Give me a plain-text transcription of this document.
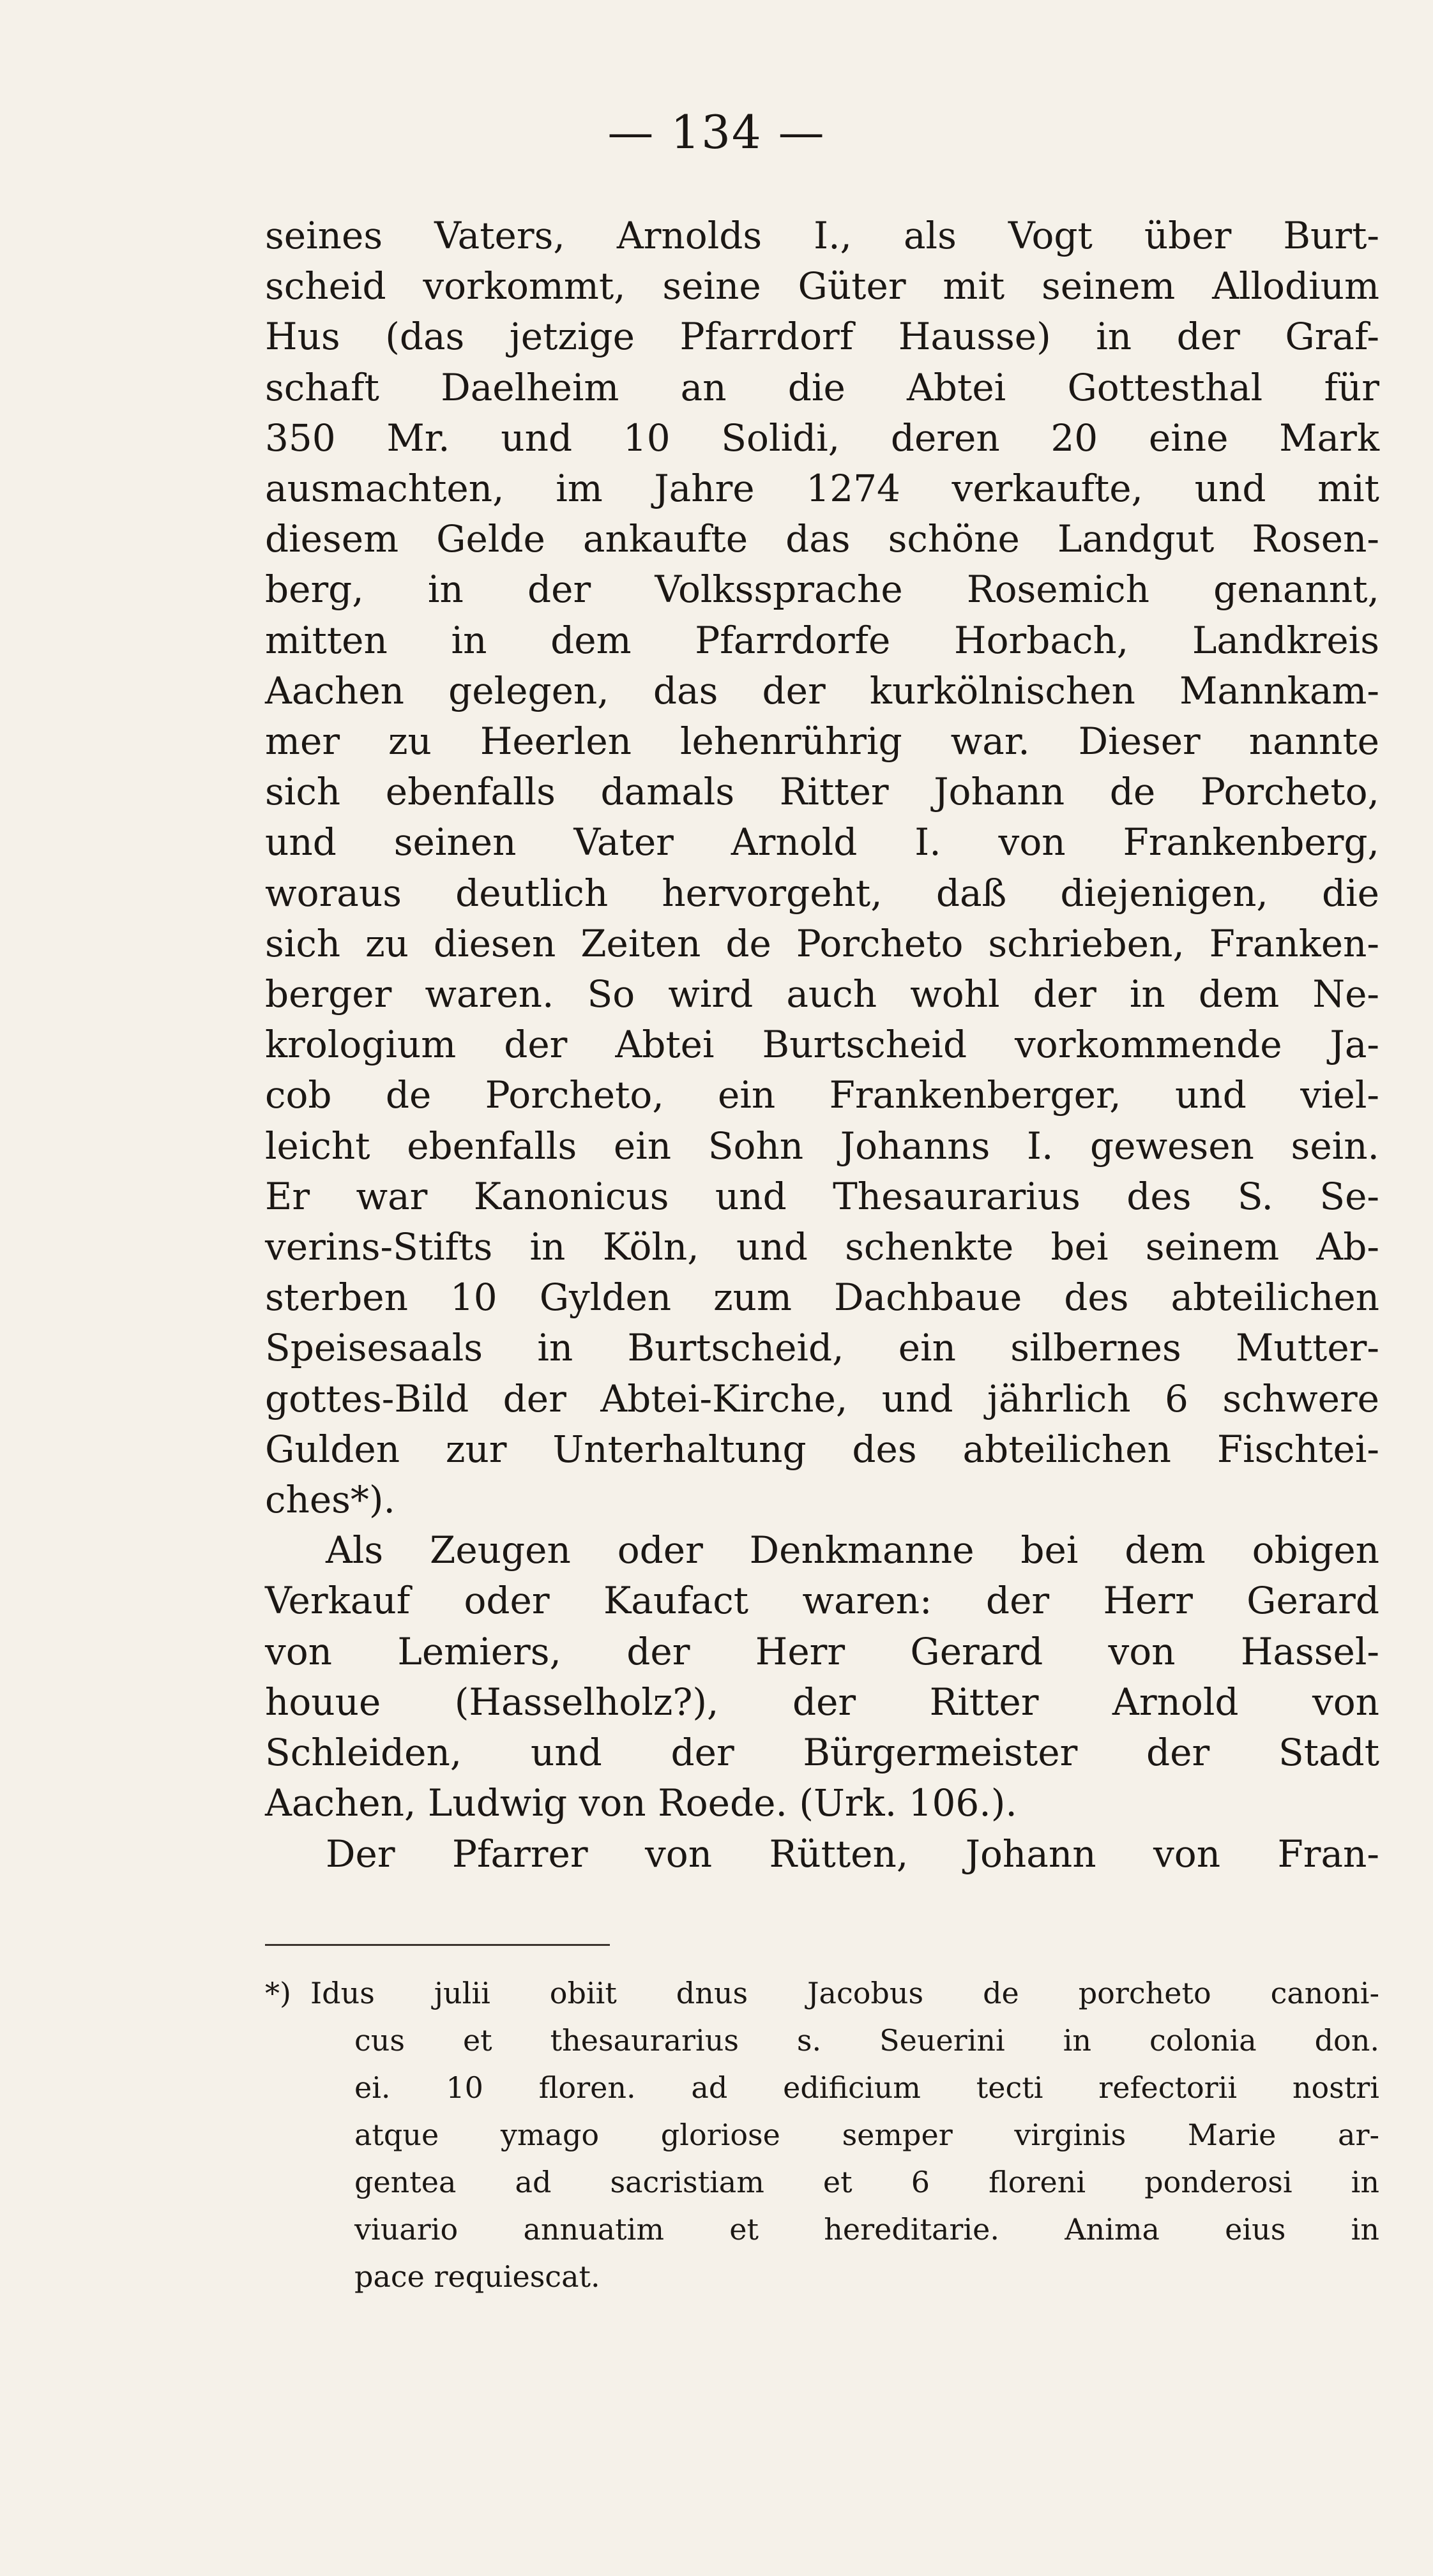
— 134 —
seines Vaters, Arnolds I., als Vogt über Burt-
scheid vorkommt, seine Güter mit seinem Allodium
Hus (das jetzige Pfarrdorf Hausse) in der Graf-
schaft Daelheim an die Abtei Gottesthal für
350 Mr. und 10 Solidi, deren 20 eine Mark
ausmachten, im Jahre 1274 verkaufte, und mit
diesem Gelde ankaufte das schöne Landgut Rosen-
berg, in der Volkssprache Rosemich genannt,
mitten in dem Pfarrdorfe Horbach, Landkreis
Aachen gelegen, das der kurkölnischen Mannkam-
mer zu Heerlen lehenrührig war. Dieser nannte
sich ebenfalls damals Ritter Johann de Porcheto,
und seinen Vater Arnold I. von Frankenberg,
woraus deutlich hervorgeht, daß diejenigen, die
sich zu diesen Zeiten de Porcheto schrieben, Franken-
berger waren. So wird auch wohl der in dem Ne-
krologium der Abtei Burtscheid vorkommende Ja-
cob de Porcheto, ein Frankenberger, und viel-
leicht ebenfalls ein Sohn Johanns I. gewesen sein.
Er war Kanonicus und Thesaurarius des S. Se-
verins-Stifts in Köln, und schenkte bei seinem Ab-
sterben 10 Gylden zum Dachbaue des abteilichen
Speisesaals in Burtscheid, ein silbernes Mutter-
gottes-Bild der Abtei-Kirche, und jährlich 6 schwere
Gulden zur Unterhaltung des abteilichen Fischtei-
ches*).
Als Zeugen oder Denkmanne bei dem obigen
Verkauf oder Kaufact waren: der Herr Gerard
von Lemiers, der Herr Gerard von Hassel-
houue (Hasselholz?), der Ritter Arnold von
Schleiden, und der Bürgermeister der Stadt
Aachen, Ludwig von Roede. (Urk. 106.).
Der Pfarrer von Rütten, Johann von Fran-
*) Idus julii obiit dnus Jacobus de porcheto canoni-
cus et thesaurarius s. Seuerini in colonia don.
ei. 10 floren. ad edificium tecti refectorii nostri
atque ymago gloriose semper virginis Marie ar-
gentea ad sacristiam et 6 floreni ponderosi in
viuario annuatim et hereditarie. Anima eius in
pace requiescat.
